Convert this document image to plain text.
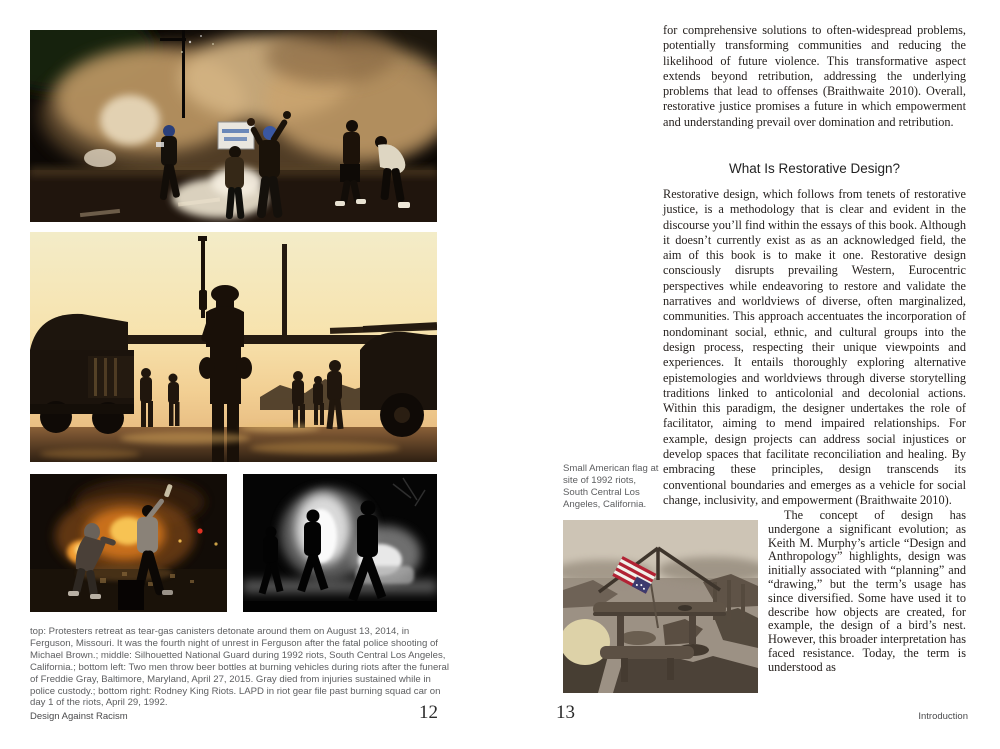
top: Protesters retreat as tear-gas canisters detonate around them on August 13, 2014, in Ferguson, Missouri. It was the fourth night of unrest in Ferguson after the fatal police shooting of Michael Brown.; middle: Silhouetted National Guard during 1992 riots, South Central Los Angeles, California.; bottom left: Two men throw beer bottles at burning vehicles during riots after the funeral of Freddie Gray, Baltimore, Maryland, April 27, 2015. Gray died from injuries sustained while in police custody.; bottom right: Rodney King Riots. LAPD in riot gear file past burning squad car on day 1 of the riots, April 29, 1992.
Design Against Racism	12
for comprehensive solutions to often-widespread problems, potentially transforming communities and reducing the likelihood of future violence. This transformative aspect extends beyond retribution, addressing the underlying problems that lead to offenses (Braithwaite 2010). Overall, restorative justice promises a future in which empowerment and understanding prevail over domination and retribution.
What Is Restorative Design?
Restorative design, which follows from tenets of restorative justice, is a methodology that is clear and evident in the discourse you’ll find within the essays of this book. Although it doesn’t currently exist as as an acknowledged field, the aim of this book is to make it one. Restorative design consciously disrupts prevailing Western, Eurocentric perspectives while endeavoring to restore and validate the narratives and worldviews of diverse, often marginalized, communities. This approach accentuates the incorporation of nondominant social, ethnic, and cultural groups into the design process, respecting their unique viewpoints and experiences. It entails thoroughly exploring alternative epistemologies and worldviews through diverse storytelling traditions linked to anticolonial and decolonial actions. Within this paradigm, the designer undertakes the role of facilitator, aiming to mend impaired relationships. For example, design projects can address social injustices or develop spaces that facilitate reconciliation and healing. By embracing these principles, design transcends its conventional boundaries and emerges as a vehicle for social change, inclusivity, and empowerment (Braithwaite 2010).
Small American flag at site of 1992 riots, South Central Los Angeles, California.
The concept of design has undergone a significant evolution; as Keith M. Murphy’s article “Design and Anthropology” highlights, design was initially associated with “planning” and “drawing,” but the term’s usage has since diversified. Some have used it to describe how objects are created, for example, the design of a bird’s nest. However, this broader interpretation has faced resistance. Today, the term is understood as
13	Introduction
